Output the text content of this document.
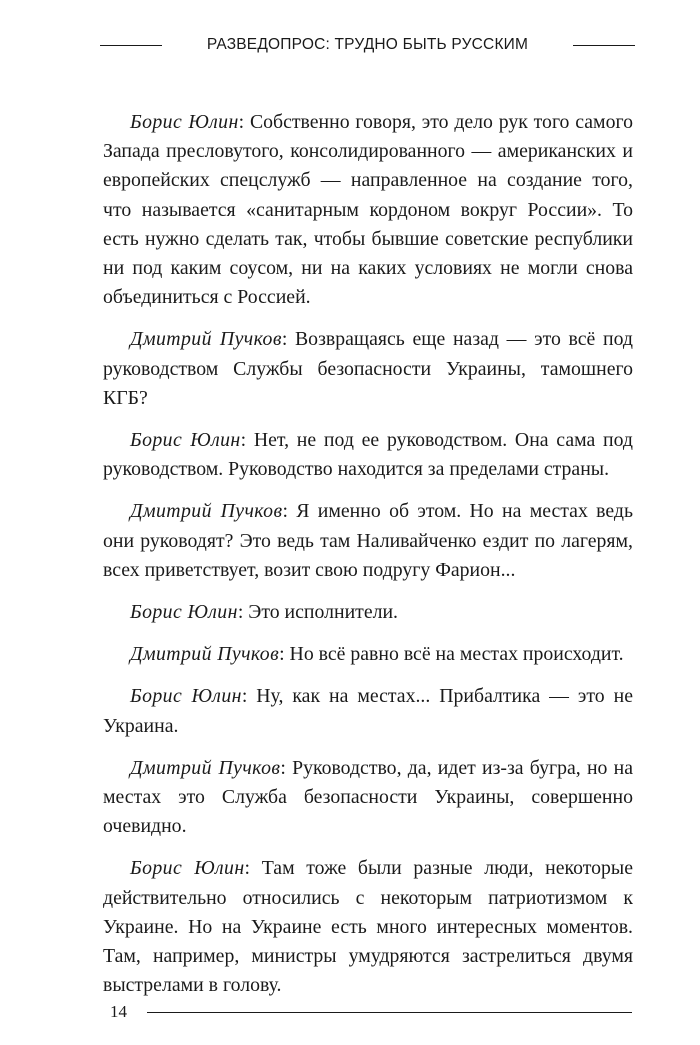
РАЗВЕДОПРОС: ТРУДНО БЫТЬ РУССКИМ

Борис Юлин: Собственно говоря, это дело рук того самого Запада пресловутого, консолидированного — американских и европейских спецслужб — направленное на создание того, что называется «санитарным кордоном вокруг России». То есть нужно сделать так, чтобы бывшие советские республики ни под каким соусом, ни на каких условиях не могли снова объединиться с Россией.

Дмитрий Пучков: Возвращаясь еще назад — это всё под руководством Службы безопасности Украины, тамошнего КГБ?

Борис Юлин: Нет, не под ее руководством. Она сама под руководством. Руководство находится за пределами страны.

Дмитрий Пучков: Я именно об этом. Но на местах ведь они руководят? Это ведь там Наливайченко ездит по лагерям, всех приветствует, возит свою подругу Фарион...

Борис Юлин: Это исполнители.

Дмитрий Пучков: Но всё равно всё на местах происходит.

Борис Юлин: Ну, как на местах... Прибалтика — это не Украина.

Дмитрий Пучков: Руководство, да, идет из-за бугра, но на местах это Служба безопасности Украины, совершенно очевидно.

Борис Юлин: Там тоже были разные люди, некоторые действительно относились с некоторым патриотизмом к Украине. Но на Украине есть много интересных моментов. Там, например, министры умудряются застрелиться двумя выстрелами в голову.

14
